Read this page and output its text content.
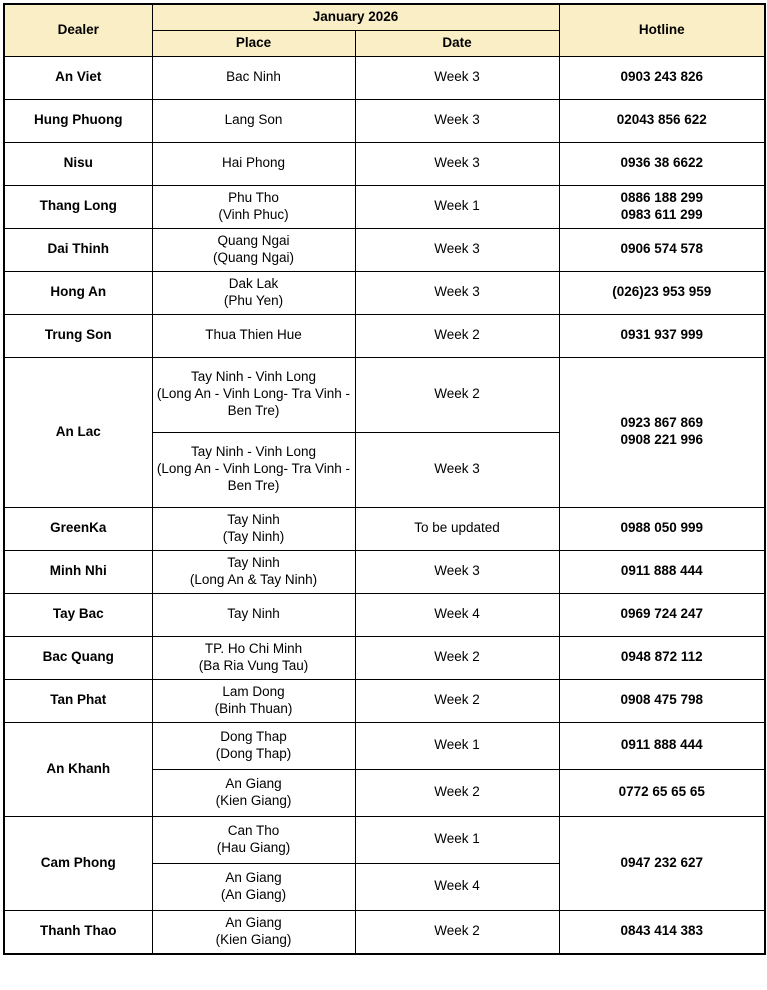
Dealer	January 2026		Hotline
	Place	Date	
An Viet	Bac Ninh	Week 3	0903 243 826

Hung Phuong	Lang Son	Week 3	02043 856 622

Nisu	Hai Phong	Week 3	0936 38 6622

Thang Long	Phu Tho
(Vinh Phuc)	Week 1	0886 188 299
0983 611 299

Dai Thinh	Quang Ngai
(Quang Ngai)	Week 3	0906 574 578

Hong An	Dak Lak
(Phu Yen)	Week 3	(026)23 953 959

Trung Son	Thua Thien Hue	Week 2	0931 937 999

An Lac	Tay Ninh - Vinh Long
(Long An - Vinh Long- Tra Vinh - Ben Tre)	Week 2	0923 867 869
0908 221 996

	Tay Ninh - Vinh Long
(Long An - Vinh Long- Tra Vinh - Ben Tre)	Week 3	
GreenKa	Tay Ninh
(Tay Ninh)	To be updated	0988 050 999

Minh Nhi	Tay Ninh
(Long An & Tay Ninh)	Week 3	0911 888 444

Tay Bac	Tay Ninh	Week 4	0969 724 247

Bac Quang	TP. Ho Chi Minh
(Ba Ria Vung Tau)	Week 2	0948 872 112

Tan Phat	Lam Dong
(Binh Thuan)	Week 2	0908 475 798

An Khanh	Dong Thap
(Dong Thap)	Week 1	0911 888 444

	An Giang
(Kien Giang)	Week 2	0772 65 65 65

Cam Phong	Can Tho
(Hau Giang)	Week 1	0947 232 627

	An Giang
(An Giang)	Week 4	
Thanh Thao	An Giang
(Kien Giang)	Week 2	0843 414 383
